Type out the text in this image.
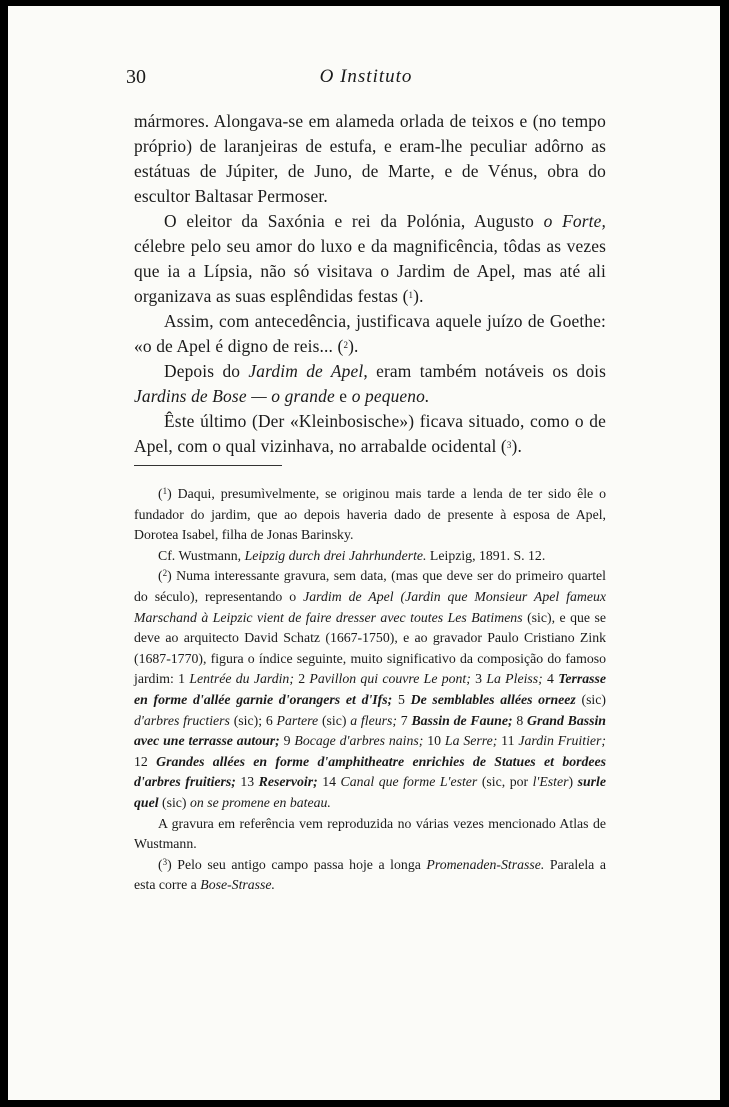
30	O Instituto

mármores. Alongava-se em alameda orlada de teixos e (no tempo próprio) de laranjeiras de estufa, e eram-lhe peculiar adôrno as estátuas de Júpiter, de Juno, de Marte, e de Vénus, obra do escultor Baltasar Permoser.

O eleitor da Saxónia e rei da Polónia, Augusto o Forte, célebre pelo seu amor do luxo e da magnificência, tôdas as vezes que ia a Lípsia, não só visitava o Jardim de Apel, mas até ali organizava as suas esplêndidas festas ($^1$).

Assim, com antecedência, justificava aquele juízo de Goethe: «o de Apel é digno de reis... ($^2$).

Depois do Jardim de Apel, eram também notáveis os dois Jardins de Bose — o grande e o pequeno.

Êste último (Der «Kleinbosische») ficava situado, como o de Apel, com o qual vizinhava, no arrabalde ocidental ($^3$).

($^1$) Daqui, presumìvelmente, se originou mais tarde a lenda de ter sido êle o fundador do jardim, que ao depois haveria dado de presente à esposa de Apel, Dorotea Isabel, filha de Jonas Barinsky.

Cf. Wustmann, Leipzig durch drei Jahrhunderte. Leipzig, 1891. S. 12.

($^2$) Numa interessante gravura, sem data, (mas que deve ser do primeiro quartel do século), representando o Jardim de Apel (Jardin que Monsieur Apel fameux Marschand à Leipzic vient de faire dresser avec toutes Les Batimens (sic), e que se deve ao arquitecto David Schatz (1667-1750), e ao gravador Paulo Cristiano Zink (1687-1770), figura o índice seguinte, muito significativo da composição do famoso jardim: 1 Lentrée du Jardin; 2 Pavillon qui couvre Le pont; 3 La Pleiss; 4 Terrasse en forme d'allée garnie d'orangers et d'Ifs; 5 De semblables allées orneez (sic) d'arbres fructiers (sic); 6 Partere (sic) a fleurs; 7 Bassin de Faune; 8 Grand Bassin avec une terrasse autour; 9 Bocage d'arbres nains; 10 La Serre; 11 Jardin Fruitier; 12 Grandes allées en forme d'amphitheatre enrichies de Statues et bordees d'arbres fruitiers; 13 Reservoir; 14 Canal que forme L'ester (sic, por l'Ester) surle quel (sic) on se promene en bateau.

A gravura em referência vem reproduzida no várias vezes mencionado Atlas de Wustmann.

($^3$) Pelo seu antigo campo passa hoje a longa Promenaden-Strasse. Paralela a esta corre a Bose-Strasse.
